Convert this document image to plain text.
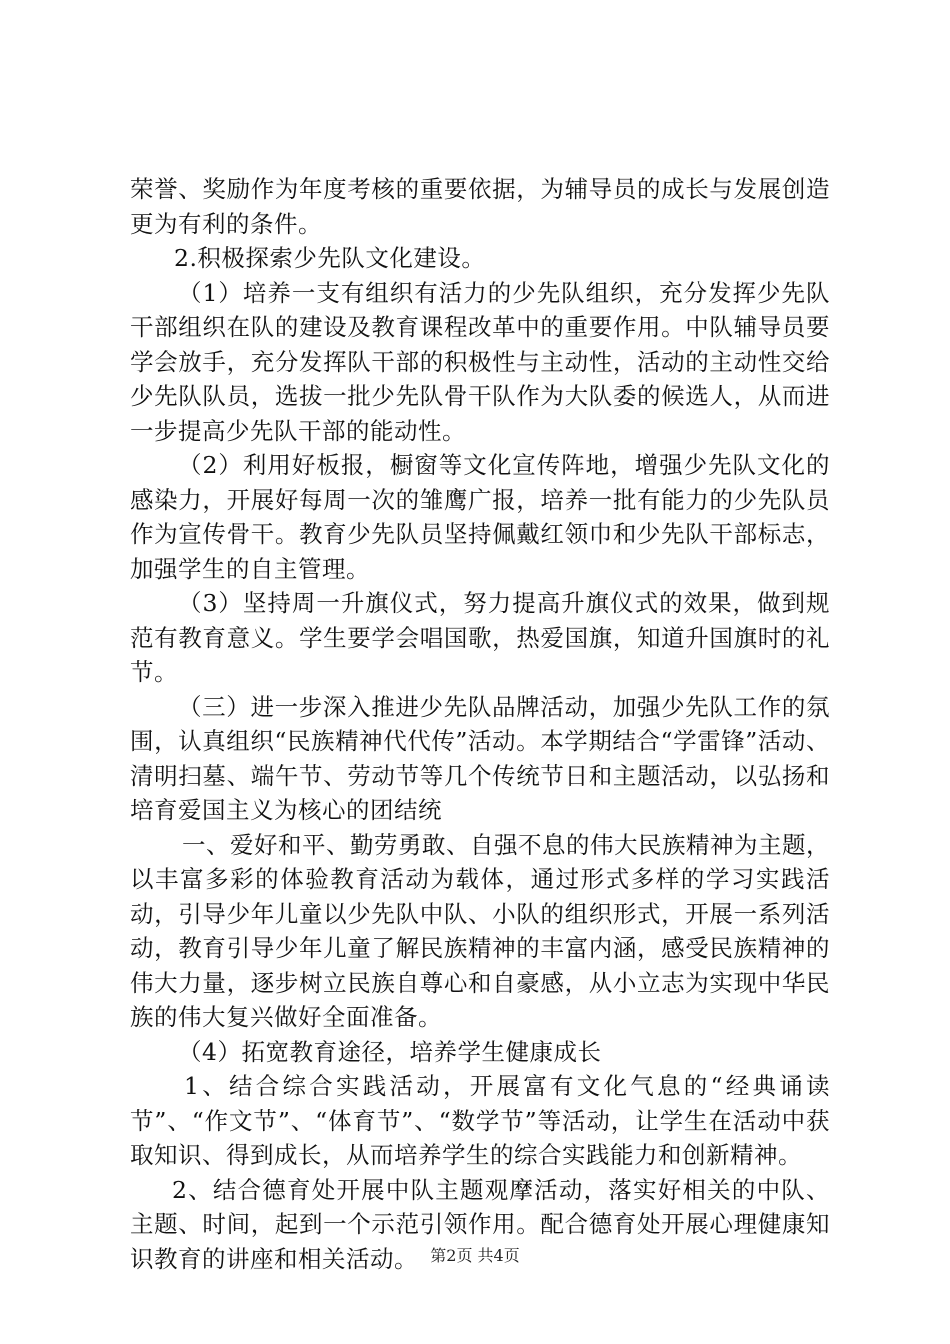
荣誉、奖励作为年度考核的重要依据，为辅导员的成长与发展创造更为有利的条件。

2.积极探索少先队文化建设。

（1）培养一支有组织有活力的少先队组织，充分发挥少先队干部组织在队的建设及教育课程改革中的重要作用。中队辅导员要学会放手，充分发挥队干部的积极性与主动性，活动的主动性交给少先队队员，选拔一批少先队骨干队作为大队委的候选人，从而进一步提高少先队干部的能动性。

（2）利用好板报，橱窗等文化宣传阵地，增强少先队文化的感染力，开展好每周一次的雏鹰广报，培养一批有能力的少先队员作为宣传骨干。教育少先队员坚持佩戴红领巾和少先队干部标志，加强学生的自主管理。

（3）坚持周一升旗仪式，努力提高升旗仪式的效果，做到规范有教育意义。学生要学会唱国歌，热爱国旗，知道升国旗时的礼节。

（三）进一步深入推进少先队品牌活动，加强少先队工作的氛围，认真组织“民族精神代代传”活动。本学期结合“学雷锋”活动、清明扫墓、端午节、劳动节等几个传统节日和主题活动，以弘扬和培育爱国主义为核心的团结统

一、爱好和平、勤劳勇敢、自强不息的伟大民族精神为主题，以丰富多彩的体验教育活动为载体，通过形式多样的学习实践活动，引导少年儿童以少先队中队、小队的组织形式，开展一系列活动，教育引导少年儿童了解民族精神的丰富内涵，感受民族精神的伟大力量，逐步树立民族自尊心和自豪感，从小立志为实现中华民族的伟大复兴做好全面准备。

（4）拓宽教育途径，培养学生健康成长

1、结合综合实践活动，开展富有文化气息的“经典诵读节”、“作文节”、“体育节”、“数学节”等活动，让学生在活动中获取知识、得到成长，从而培养学生的综合实践能力和创新精神。

2、结合德育处开展中队主题观摩活动，落实好相关的中队、主题、时间，起到一个示范引领作用。配合德育处开展心理健康知识教育的讲座和相关活动。 第2页 共4页
